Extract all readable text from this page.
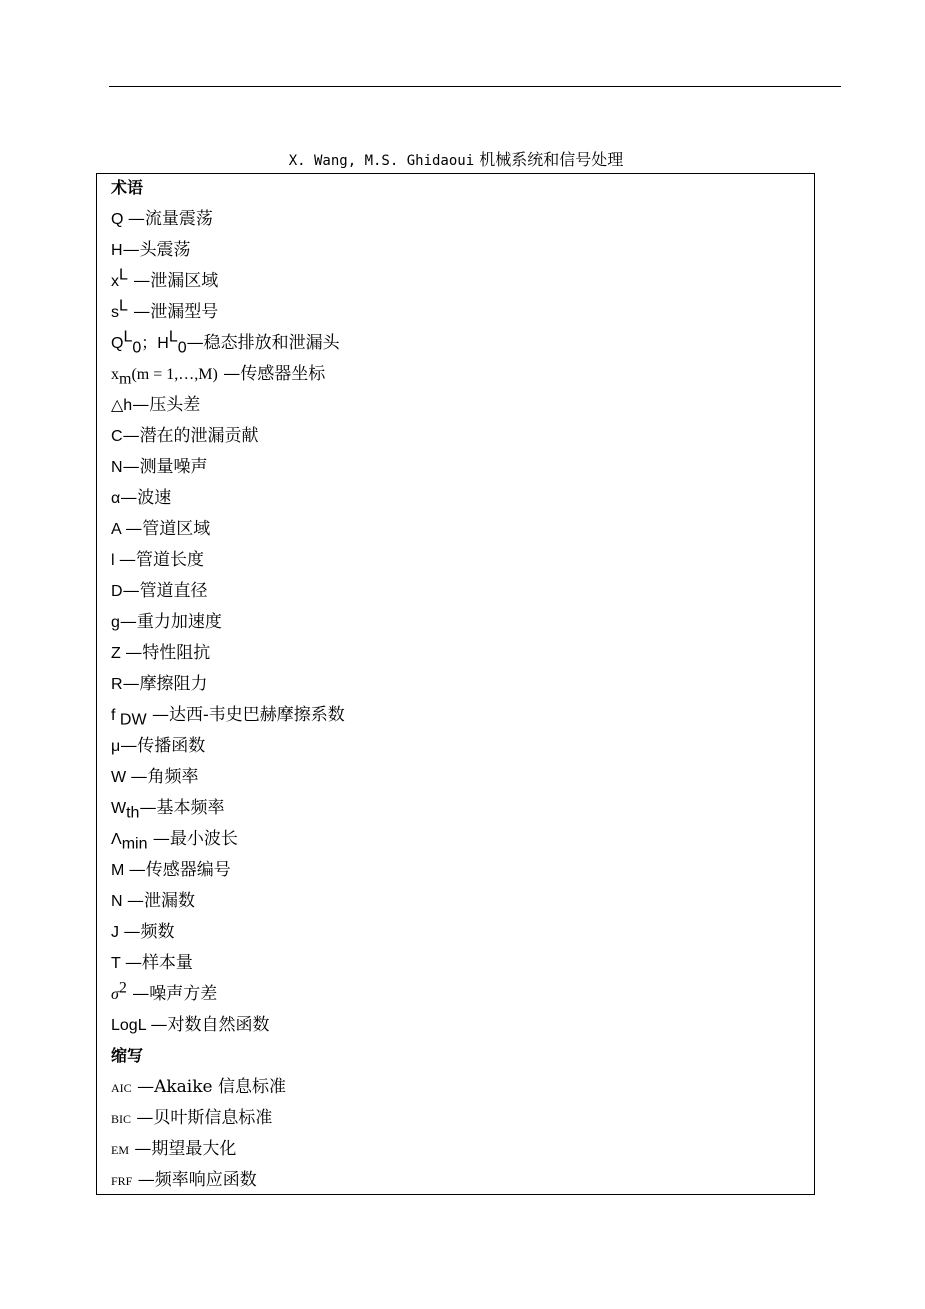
X. Wang, M.S. Ghidaoui 机械系统和信号处理
术语
Q —流量震荡
H—头震荡
$x^L$ —泄漏区域
$s^L$ —泄漏型号
$Q^L_0$；$H^L_0—$稳态排放和泄漏头
$x_m(m$ = 1,…,M) —传感器坐标
△h—压头差
C—潜在的泄漏贡献
N—测量噪声
α—波速
A —管道区域
l —管道长度
D—管道直径
g—重力加速度
Z —特性阻抗
R—摩擦阻力
f $_{DW}$ —达西-韦史巴赫摩擦系数
μ—传播函数
W —角频率
$W_{th}—$基本频率
$\Lambda_{min}$ —最小波长
M —传感器编号
N —泄漏数
J —频数
T —样本量
$\sigma^2$ —噪声方差
LogL —对数自然函数
缩写
AIC —Akaike 信息标准
BIC —贝叶斯信息标准
EM —期望最大化
FRF —频率响应函数
